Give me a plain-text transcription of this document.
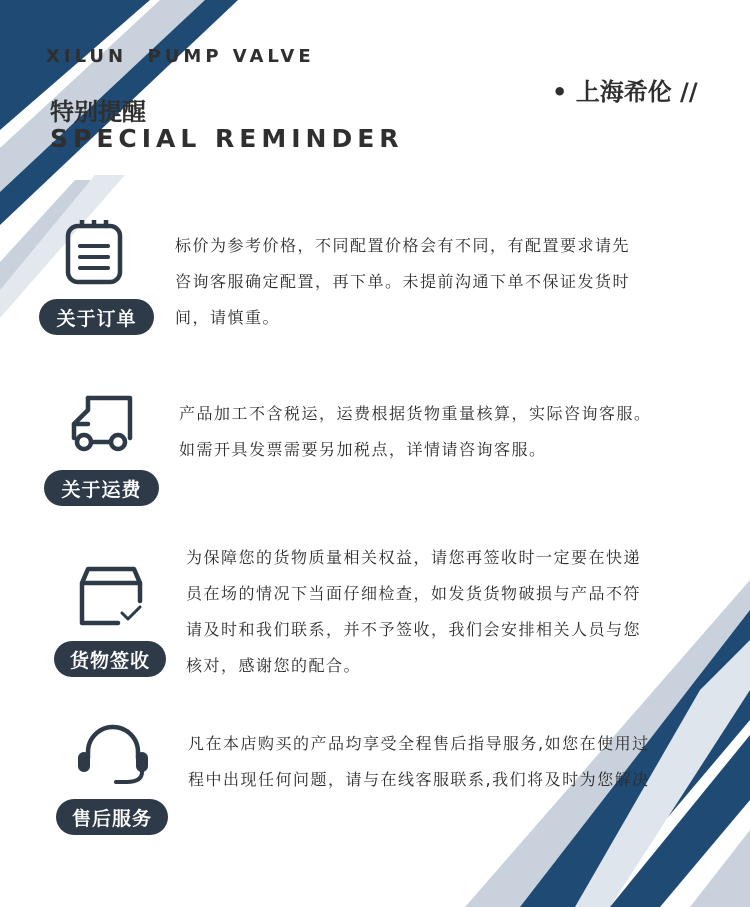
XILUN  PUMP VALVE
特别提醒
SPECIAL REMINDER
• 上海希伦 //
关于订单
标价为参考价格，不同配置价格会有不同，有配置要求请先
咨询客服确定配置，再下单。未提前沟通下单不保证发货时
间，请慎重。
关于运费
产品加工不含税运，运费根据货物重量核算，实际咨询客服。
如需开具发票需要另加税点，详情请咨询客服。
货物签收
为保障您的货物质量相关权益，请您再签收时一定要在快递
员在场的情况下当面仔细检查，如发货货物破损与产品不符
请及时和我们联系，并不予签收，我们会安排相关人员与您
核对，感谢您的配合。
售后服务
凡在本店购买的产品均享受全程售后指导服务,如您在使用过
程中出现任何问题，请与在线客服联系,我们将及时为您解决
